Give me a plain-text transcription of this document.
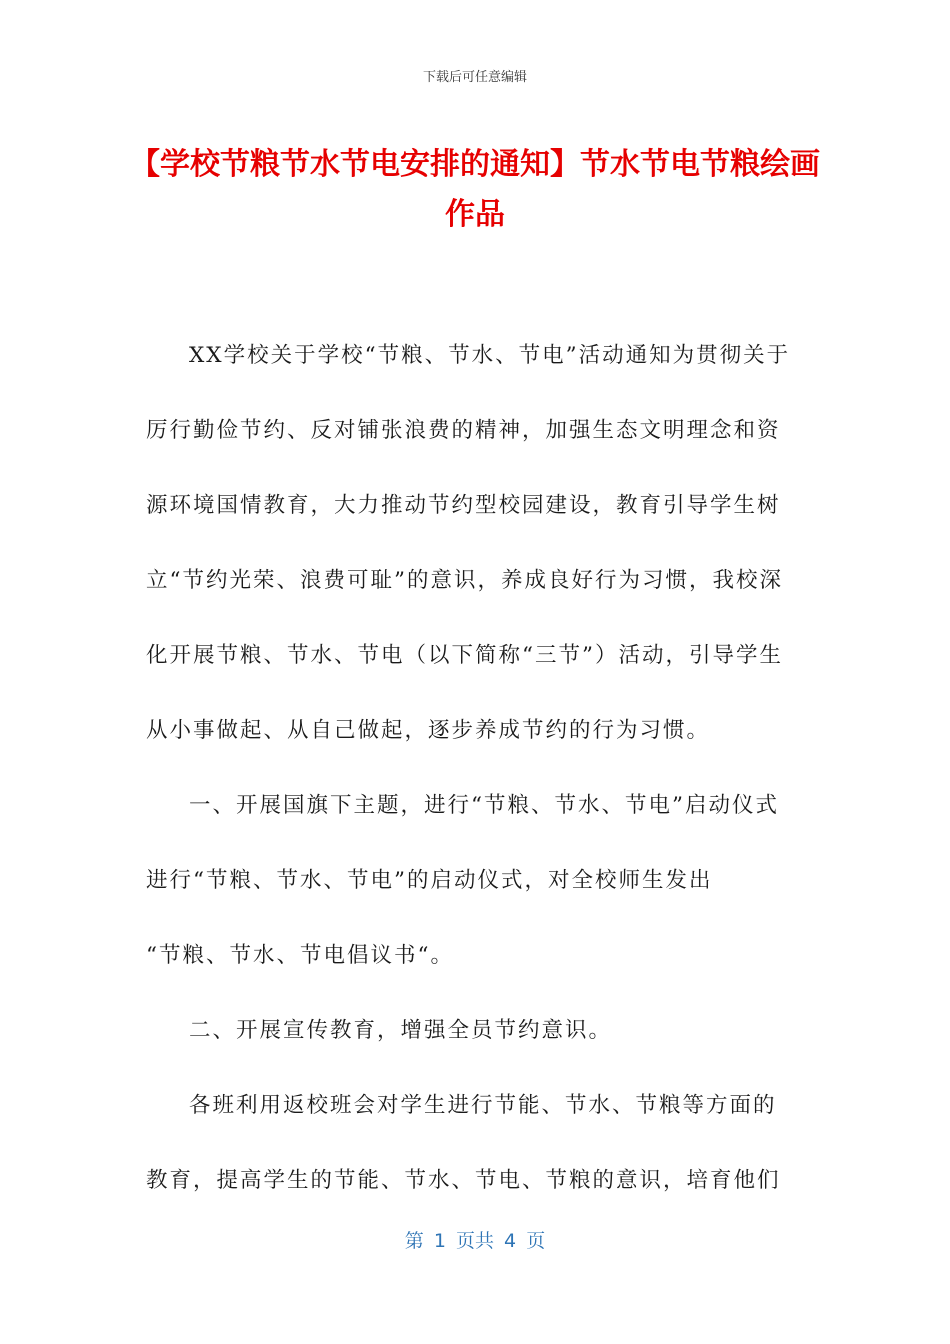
下载后可任意编辑
【学校节粮节水节电安排的通知】节水节电节粮绘画作品

XX学校关于学校“节粮、节水、节电”活动通知为贯彻关于厉行勤俭节约、反对铺张浪费的精神，加强生态文明理念和资源环境国情教育，大力推动节约型校园建设，教育引导学生树立“节约光荣、浪费可耻”的意识，养成良好行为习惯，我校深化开展节粮、节水、节电（以下简称“三节”）活动，引导学生从小事做起、从自己做起，逐步养成节约的行为习惯。

一、开展国旗下主题，进行“节粮、节水、节电”启动仪式进行“节粮、节水、节电”的启动仪式，对全校师生发出

“节粮、节水、节电倡议书“。

二、开展宣传教育，增强全员节约意识。

各班利用返校班会对学生进行节能、节水、节粮等方面的教育，提高学生的节能、节水、节电、节粮的意识，培育他们

第 1 页共 4 页
